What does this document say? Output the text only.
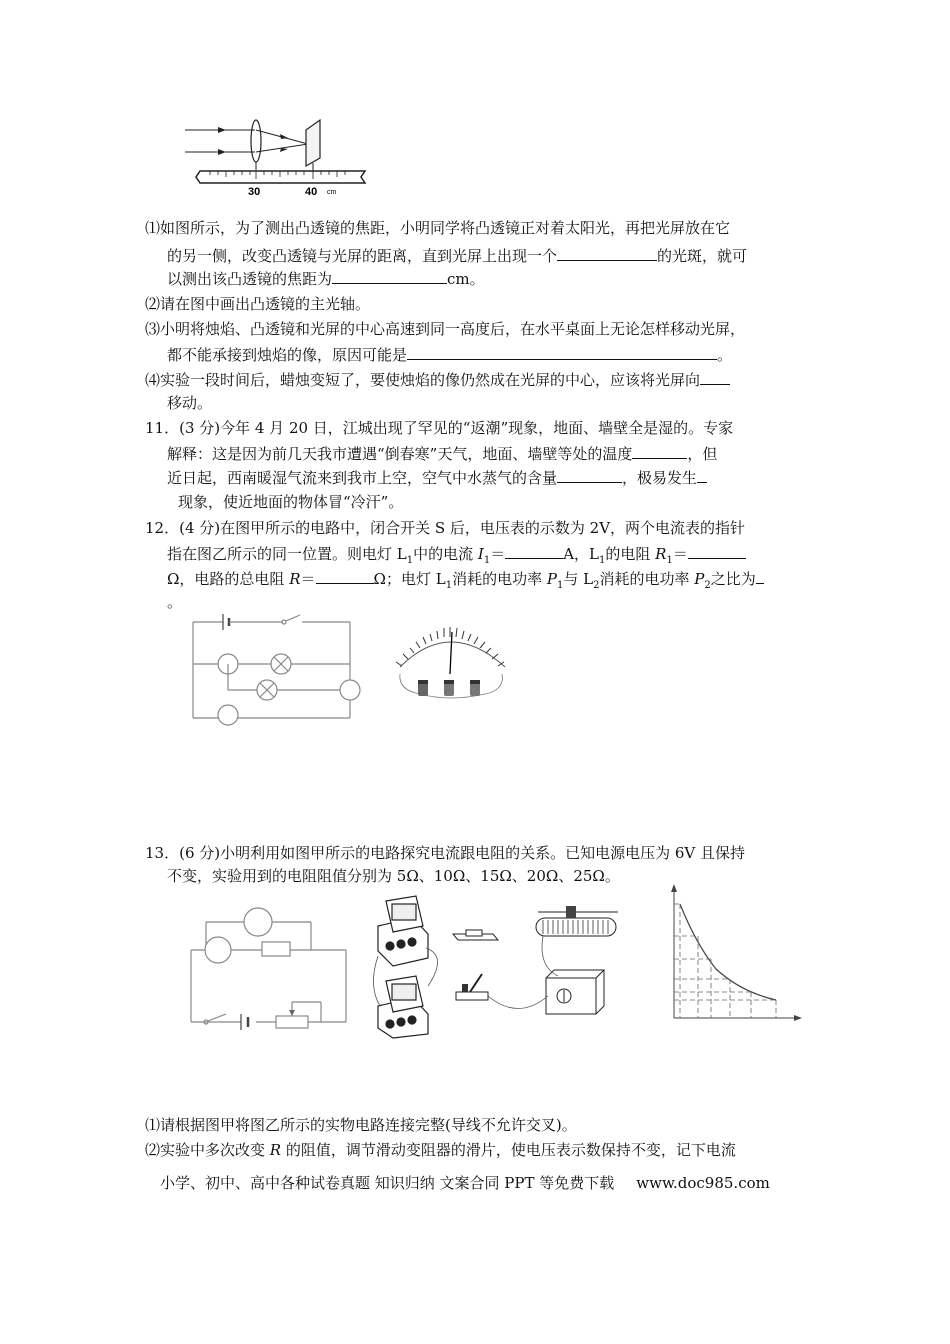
30	40 cm
⑴如图所示，为了测出凸透镜的焦距，小明同学将凸透镜正对着太阳光，再把光屏放在它
的另一侧，改变凸透镜与光屏的距离，直到光屏上出现一个	的光斑，就可
以测出该凸透镜的焦距为	cm。
⑵请在图中画出凸透镜的主光轴。
⑶小明将烛焰、凸透镜和光屏的中心高速到同一高度后，在水平桌面上无论怎样移动光屏，
都不能承接到烛焰的像，原因可能是	。
⑷实验一段时间后，蜡烛变短了，要使烛焰的像仍然成在光屏的中心，应该将光屏向
移动。
11．(3 分)今年 4 月 20 日，江城出现了罕见的“返潮”现象，地面、墙壁全是湿的。专家
解释：这是因为前几天我市遭遇“倒春寒”天气，地面、墙壁等处的温度	，但
近日起，西南暖湿气流来到我市上空，空气中水蒸气的含量	，极易发生
现象，使近地面的物体冒“冷汗”。
12．(4 分)在图甲所示的电路中，闭合开关 S 后，电压表的示数为 2V，两个电流表的指针
指在图乙所示的同一位置。则电灯 $L_1$中的电流 $I_1=$	A，$L_1$的电阻 $R_1=$
Ω，电路的总电阻 R＝	Ω；电灯 $L_1$消耗的电功率 $P_1$与 $L_2$消耗的电功率 $P_2$之比为
。
13．(6 分)小明利用如图甲所示的电路探究电流跟电阻的关系。已知电源电压为 6V 且保持
不变，实验用到的电阻阻值分别为 5Ω、10Ω、15Ω、20Ω、25Ω。
⑴请根据图甲将图乙所示的实物电路连接完整(导线不允许交叉)。
⑵实验中多次改变 R 的阻值，调节滑动变阻器的滑片，使电压表示数保持不变，记下电流
小学、初中、高中各种试卷真题 知识归纳 文案合同 PPT 等免费下载 www.doc985.com
